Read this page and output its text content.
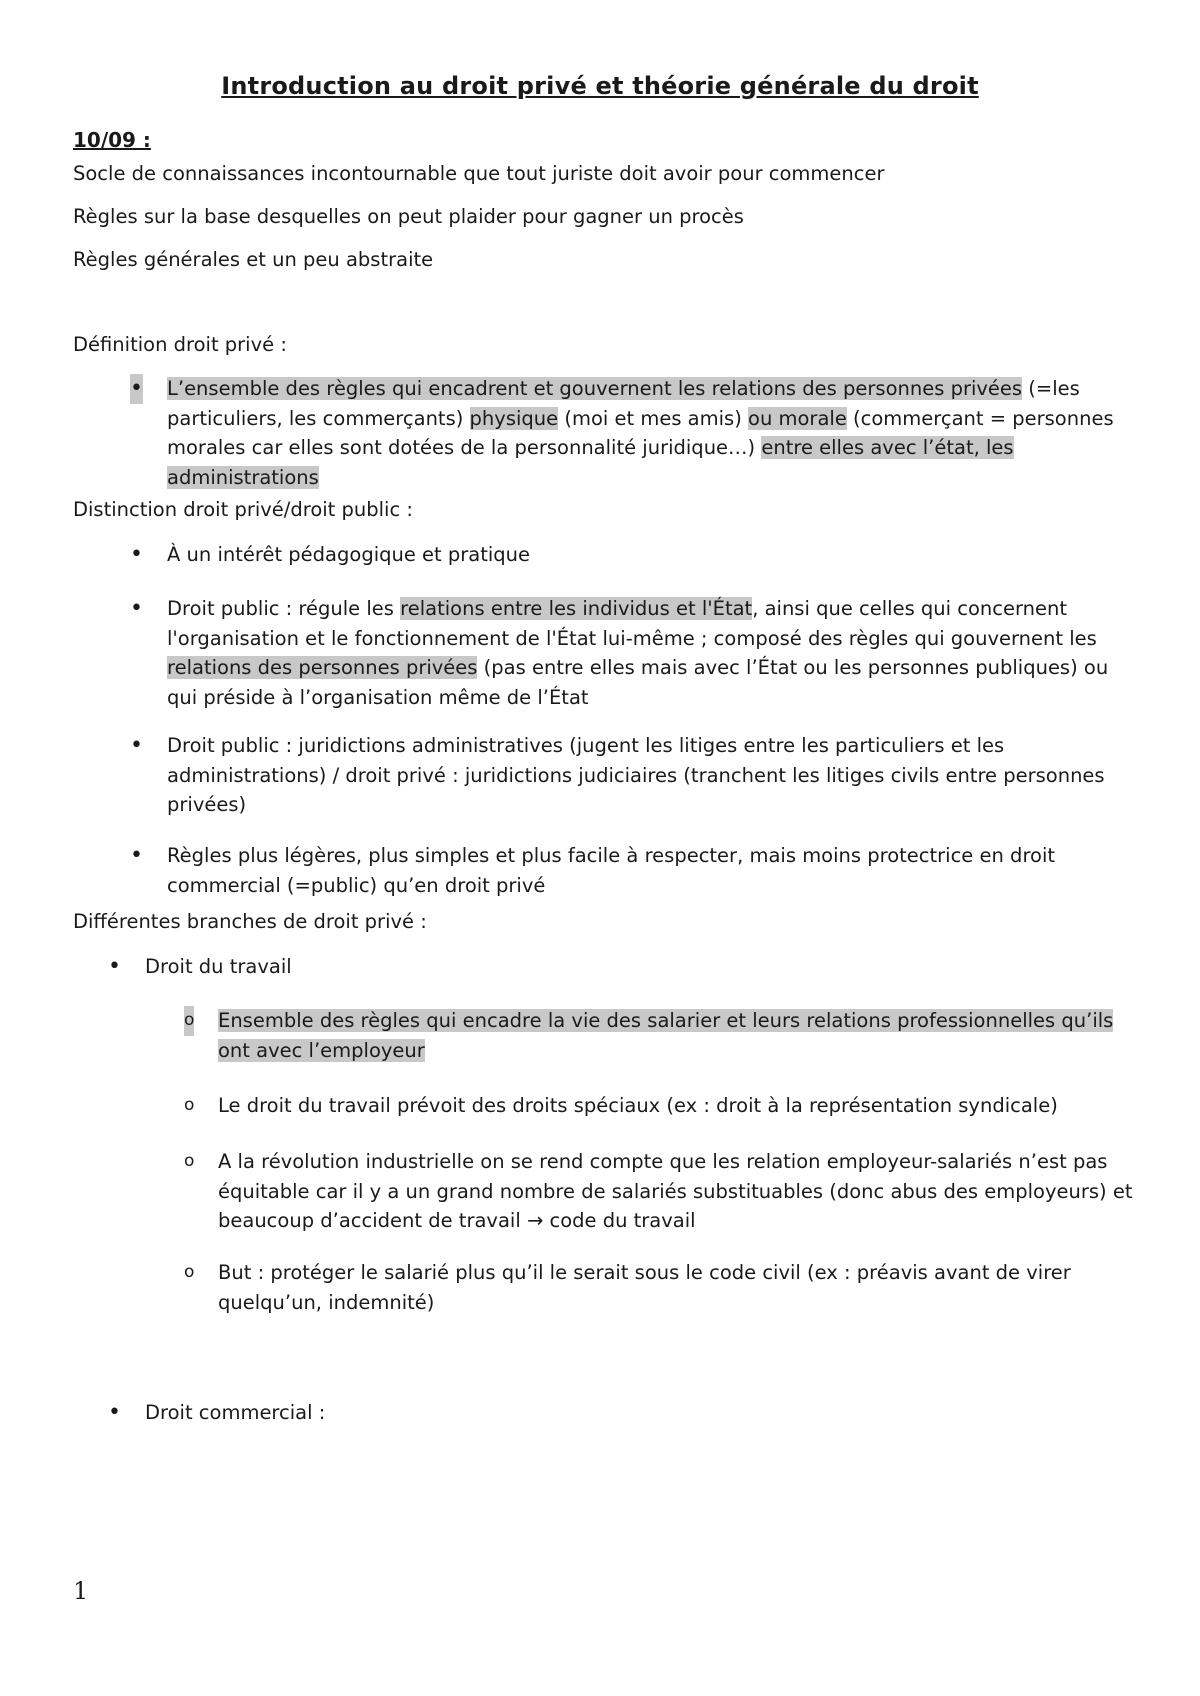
Introduction au droit privé et théorie générale du droit
10/09 :
Socle de connaissances incontournable que tout juriste doit avoir pour commencer
Règles sur la base desquelles on peut plaider pour gagner un procès
Règles générales et un peu abstraite
Définition droit privé :
• L’ensemble des règles qui encadrent et gouvernent les relations des personnes privées (=les particuliers, les commerçants) physique (moi et mes amis) ou morale (commerçant = personnes morales car elles sont dotées de la personnalité juridique…) entre elles avec l’état, les administrations
Distinction droit privé/droit public :
• À un intérêt pédagogique et pratique
• Droit public : régule les relations entre les individus et l'État, ainsi que celles qui concernent l'organisation et le fonctionnement de l'État lui-même ; composé des règles qui gouvernent les relations des personnes privées (pas entre elles mais avec l’État ou les personnes publiques) ou qui préside à l’organisation même de l’État
• Droit public : juridictions administratives (jugent les litiges entre les particuliers et les administrations) / droit privé : juridictions judiciaires (tranchent les litiges civils entre personnes privées)
• Règles plus légères, plus simples et plus facile à respecter, mais moins protectrice en droit commercial (=public) qu’en droit privé
Différentes branches de droit privé :
• Droit du travail
o Ensemble des règles qui encadre la vie des salarier et leurs relations professionnelles qu’ils ont avec l’employeur
o Le droit du travail prévoit des droits spéciaux (ex : droit à la représentation syndicale)
o A la révolution industrielle on se rend compte que les relation employeur-salariés n’est pas équitable car il y a un grand nombre de salariés substituables (donc abus des employeurs) et beaucoup d’accident de travail → code du travail
o But : protéger le salarié plus qu’il le serait sous le code civil (ex : préavis avant de virer quelqu’un, indemnité)
• Droit commercial :
1
